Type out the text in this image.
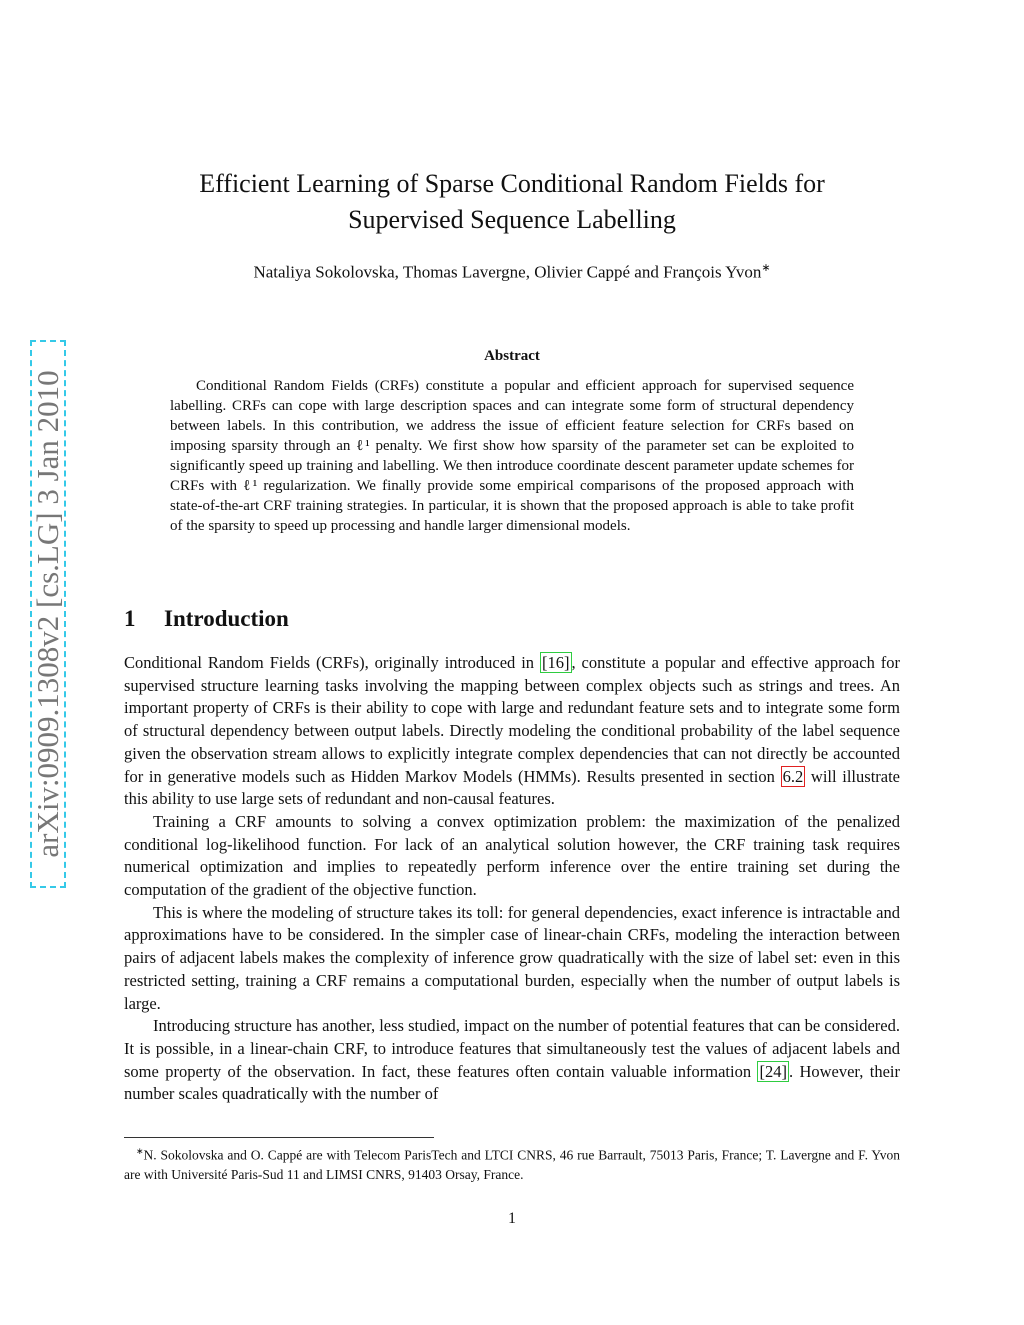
arXiv:0909.1308v2 [cs.LG] 3 Jan 2010
Efficient Learning of Sparse Conditional Random Fields for
Supervised Sequence Labelling
Nataliya Sokolovska, Thomas Lavergne, Olivier Cappé and François Yvon∗
Abstract

Conditional Random Fields (CRFs) constitute a popular and efficient approach for supervised sequence labelling. CRFs can cope with large description spaces and can integrate some form of structural dependency between labels. In this contribution, we address the issue of efficient feature selection for CRFs based on imposing sparsity through an ℓ¹ penalty. We first show how sparsity of the parameter set can be exploited to significantly speed up training and labelling. We then introduce coordinate descent parameter update schemes for CRFs with ℓ¹ regularization. We finally provide some empirical comparisons of the proposed approach with state-of-the-art CRF training strategies. In particular, it is shown that the proposed approach is able to take profit of the sparsity to speed up processing and handle larger dimensional models.

1 Introduction

Conditional Random Fields (CRFs), originally introduced in [16] , constitute a popular and effective approach for supervised structure learning tasks involving the mapping between complex objects such as strings and trees. An important property of CRFs is their ability to cope with large and redundant feature sets and to integrate some form of structural dependency between output labels. Directly modeling the conditional probability of the label sequence given the observation stream allows to explicitly integrate complex dependencies that can not directly be accounted for in generative models such as Hidden Markov Models (HMMs). Results presented in section 6.2 will illustrate this ability to use large sets of redundant and non-causal features.

Training a CRF amounts to solving a convex optimization problem: the maximization of the penalized conditional log-likelihood function. For lack of an analytical solution however, the CRF training task requires numerical optimization and implies to repeatedly perform inference over the entire training set during the computation of the gradient of the objective function.

This is where the modeling of structure takes its toll: for general dependencies, exact inference is intractable and approximations have to be considered. In the simpler case of linear-chain CRFs, modeling the interaction between pairs of adjacent labels makes the complexity of inference grow quadratically with the size of label set: even in this restricted setting, training a CRF remains a computational burden, especially when the number of output labels is large.

Introducing structure has another, less studied, impact on the number of potential features that can be considered. It is possible, in a linear-chain CRF, to introduce features that simultaneously test the values of adjacent labels and some property of the observation. In fact, these features often contain valuable information [24] . However, their number scales quadratically with the number of

∗N. Sokolovska and O. Cappé are with Telecom ParisTech and LTCI CNRS, 46 rue Barrault, 75013 Paris, France; T. Lavergne and F. Yvon are with Université Paris-Sud 11 and LIMSI CNRS, 91403 Orsay, France.

1
